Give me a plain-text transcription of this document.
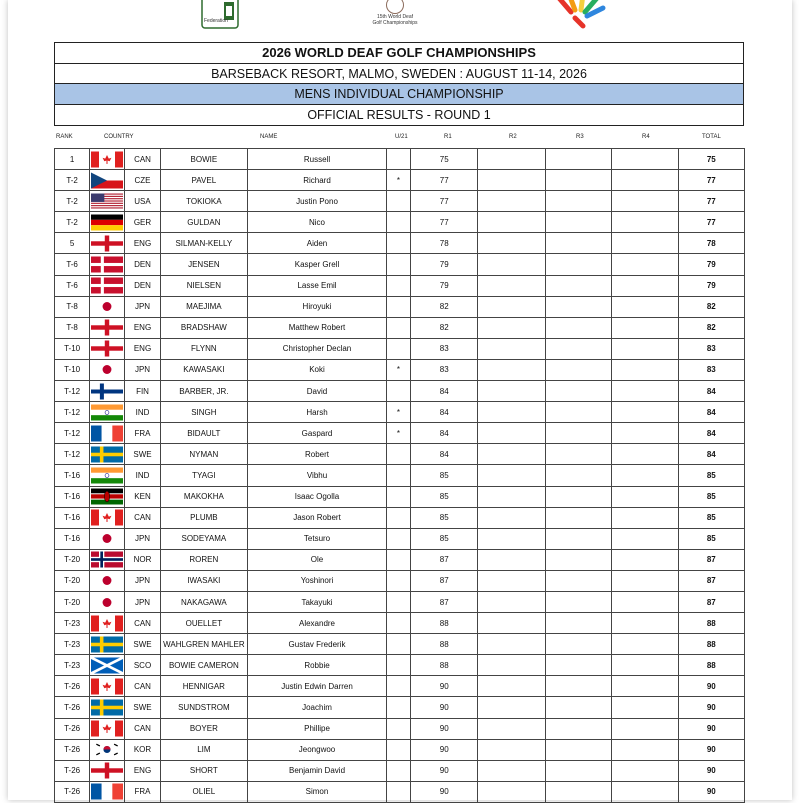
Federation
15th World Deaf
Golf Championships
2026 WORLD DEAF GOLF CHAMPIONSHIPS
BARSEBACK RESORT, MALMO, SWEDEN : AUGUST 11-14, 2026
MENS INDIVIDUAL CHAMPIONSHIP
OFFICIAL RESULTS - ROUND 1
RANK	COUNTRY	NAME	U/21	R1	R2	R3	R4	TOTAL
1		CAN	BOWIE	Russell		75				75
T-2		CZE	PAVEL	Richard	*	77				77
T-2		USA	TOKIOKA	Justin Pono		77				77
T-2		GER	GULDAN	Nico		77				77
5		ENG	SILMAN-KELLY	Aiden		78				78
T-6		DEN	JENSEN	Kasper Grell		79				79
T-6		DEN	NIELSEN	Lasse Emil		79				79
T-8		JPN	MAEJIMA	Hiroyuki		82				82
T-8		ENG	BRADSHAW	Matthew Robert		82				82
T-10		ENG	FLYNN	Christopher Declan		83				83
T-10		JPN	KAWASAKI	Koki	*	83				83
T-12		FIN	BARBER, JR.	David		84				84
T-12		IND	SINGH	Harsh	*	84				84
T-12		FRA	BIDAULT	Gaspard	*	84				84
T-12		SWE	NYMAN	Robert		84				84
T-16		IND	TYAGI	Vibhu		85				85
T-16		KEN	MAKOKHA	Isaac Ogolla		85				85
T-16		CAN	PLUMB	Jason Robert		85				85
T-16		JPN	SODEYAMA	Tetsuro		85				85
T-20		NOR	ROREN	Ole		87				87
T-20		JPN	IWASAKI	Yoshinori		87				87
T-20		JPN	NAKAGAWA	Takayuki		87				87
T-23		CAN	OUELLET	Alexandre		88				88
T-23		SWE	WAHLGREN MAHLER	Gustav Frederik		88				88
T-23		SCO	BOWIE CAMERON	Robbie		88				88
T-26		CAN	HENNIGAR	Justin Edwin Darren		90				90
T-26		SWE	SUNDSTROM	Joachim		90				90
T-26		CAN	BOYER	Phillipe		90				90
T-26		KOR	LIM	Jeongwoo		90				90
T-26		ENG	SHORT	Benjamin David		90				90
T-26		FRA	OLIEL	Simon		90				90
